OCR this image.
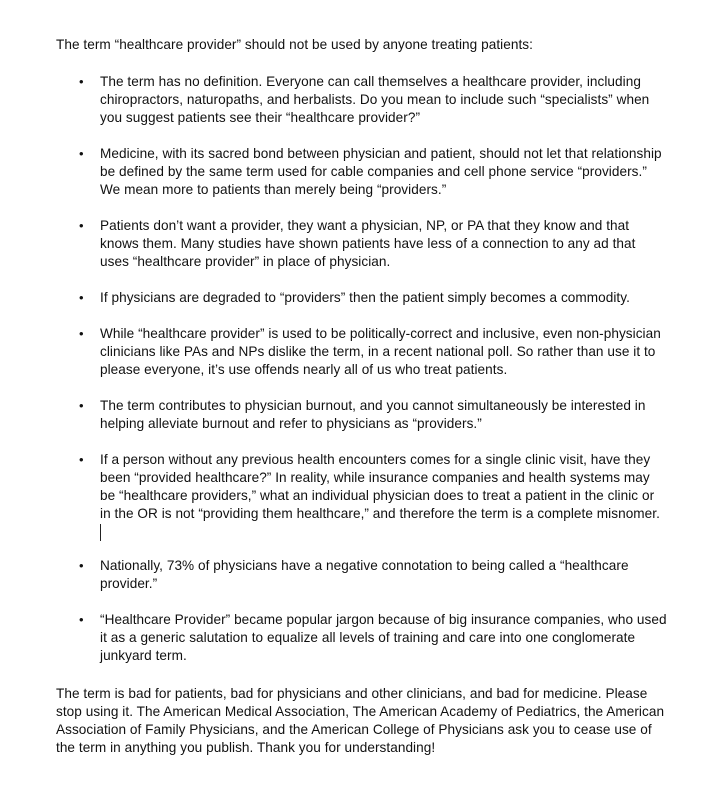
The term “healthcare provider” should not be used by anyone treating patients:

• The term has no definition. Everyone can call themselves a healthcare provider, including chiropractors, naturopaths, and herbalists. Do you mean to include such “specialists” when you suggest patients see their “healthcare provider?”
• Medicine, with its sacred bond between physician and patient, should not let that relationship be defined by the same term used for cable companies and cell phone service “providers.” We mean more to patients than merely being “providers.”
• Patients don’t want a provider, they want a physician, NP, or PA that they know and that knows them. Many studies have shown patients have less of a connection to any ad that uses “healthcare provider” in place of physician.
• If physicians are degraded to “providers” then the patient simply becomes a commodity.
• While “healthcare provider” is used to be politically-correct and inclusive, even non-physician clinicians like PAs and NPs dislike the term, in a recent national poll. So rather than use it to please everyone, it’s use offends nearly all of us who treat patients.
• The term contributes to physician burnout, and you cannot simultaneously be interested in helping alleviate burnout and refer to physicians as “providers.”
• If a person without any previous health encounters comes for a single clinic visit, have they been “provided healthcare?” In reality, while insurance companies and health systems may be “healthcare providers,” what an individual physician does to treat a patient in the clinic or in the OR is not “providing them healthcare,” and therefore the term is a complete misnomer.
• Nationally, 73% of physicians have a negative connotation to being called a “healthcare provider.”
• “Healthcare Provider” became popular jargon because of big insurance companies, who used it as a generic salutation to equalize all levels of training and care into one conglomerate junkyard term.

The term is bad for patients, bad for physicians and other clinicians, and bad for medicine. Please stop using it. The American Medical Association, The American Academy of Pediatrics, the American Association of Family Physicians, and the American College of Physicians ask you to cease use of the term in anything you publish. Thank you for understanding!
